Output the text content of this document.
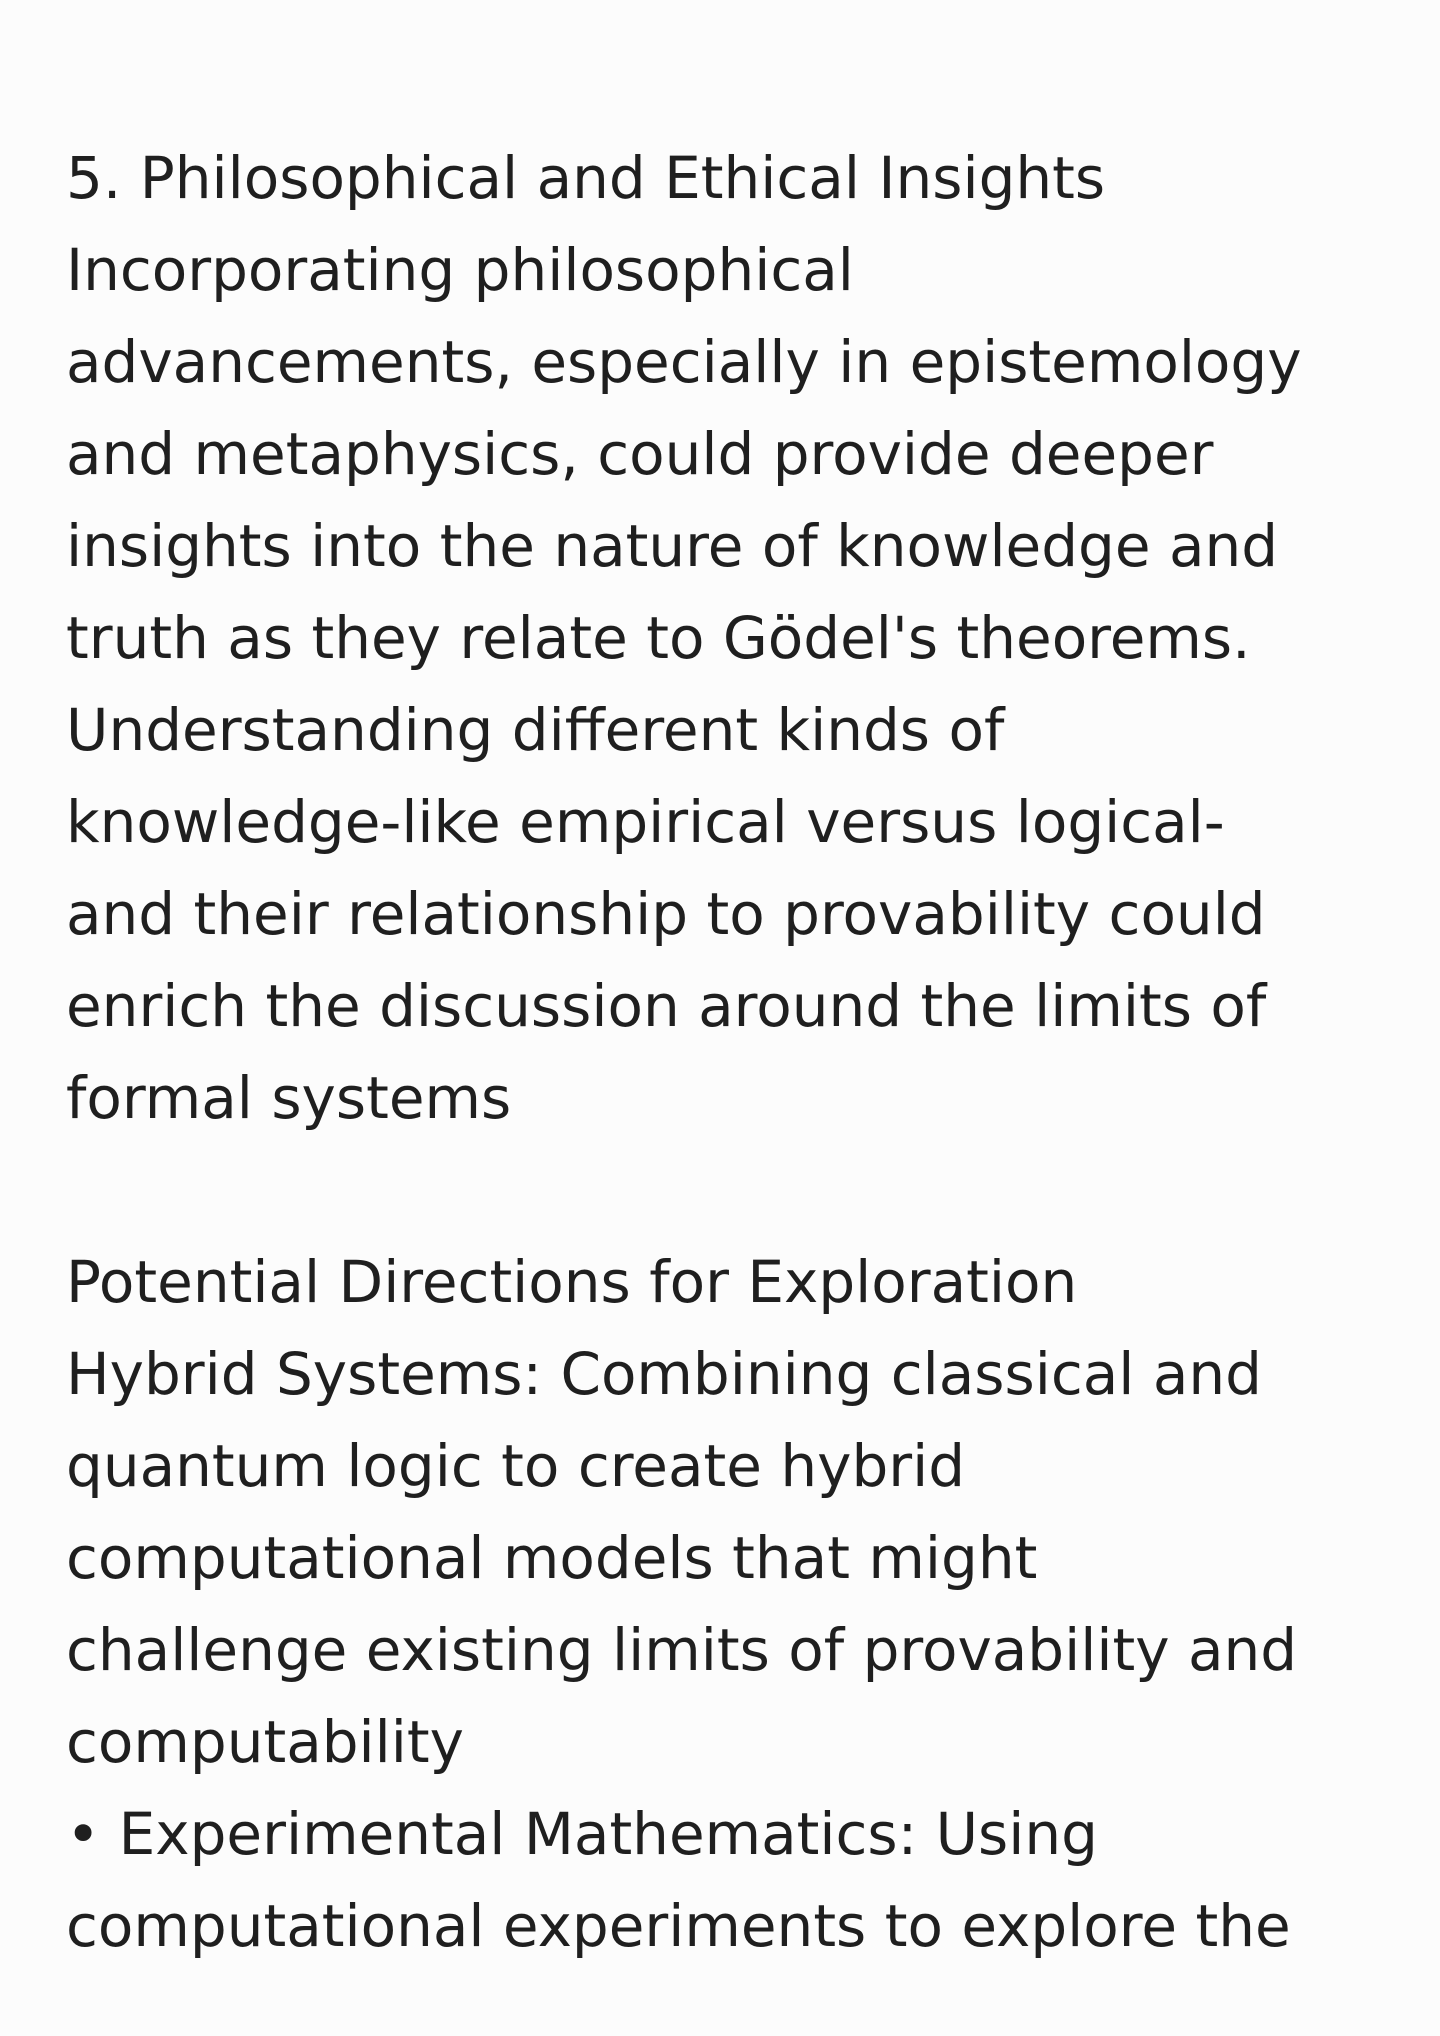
5. Philosophical and Ethical Insights
Incorporating philosophical
advancements, especially in epistemology
and metaphysics, could provide deeper
insights into the nature of knowledge and
truth as they relate to Gödel's theorems.
Understanding different kinds of
knowledge-like empirical versus logical-
and their relationship to provability could
enrich the discussion around the limits of
formal systems
Potential Directions for Exploration
Hybrid Systems: Combining classical and
quantum logic to create hybrid
computational models that might
challenge existing limits of provability and
computability
• Experimental Mathematics: Using
computational experiments to explore the
